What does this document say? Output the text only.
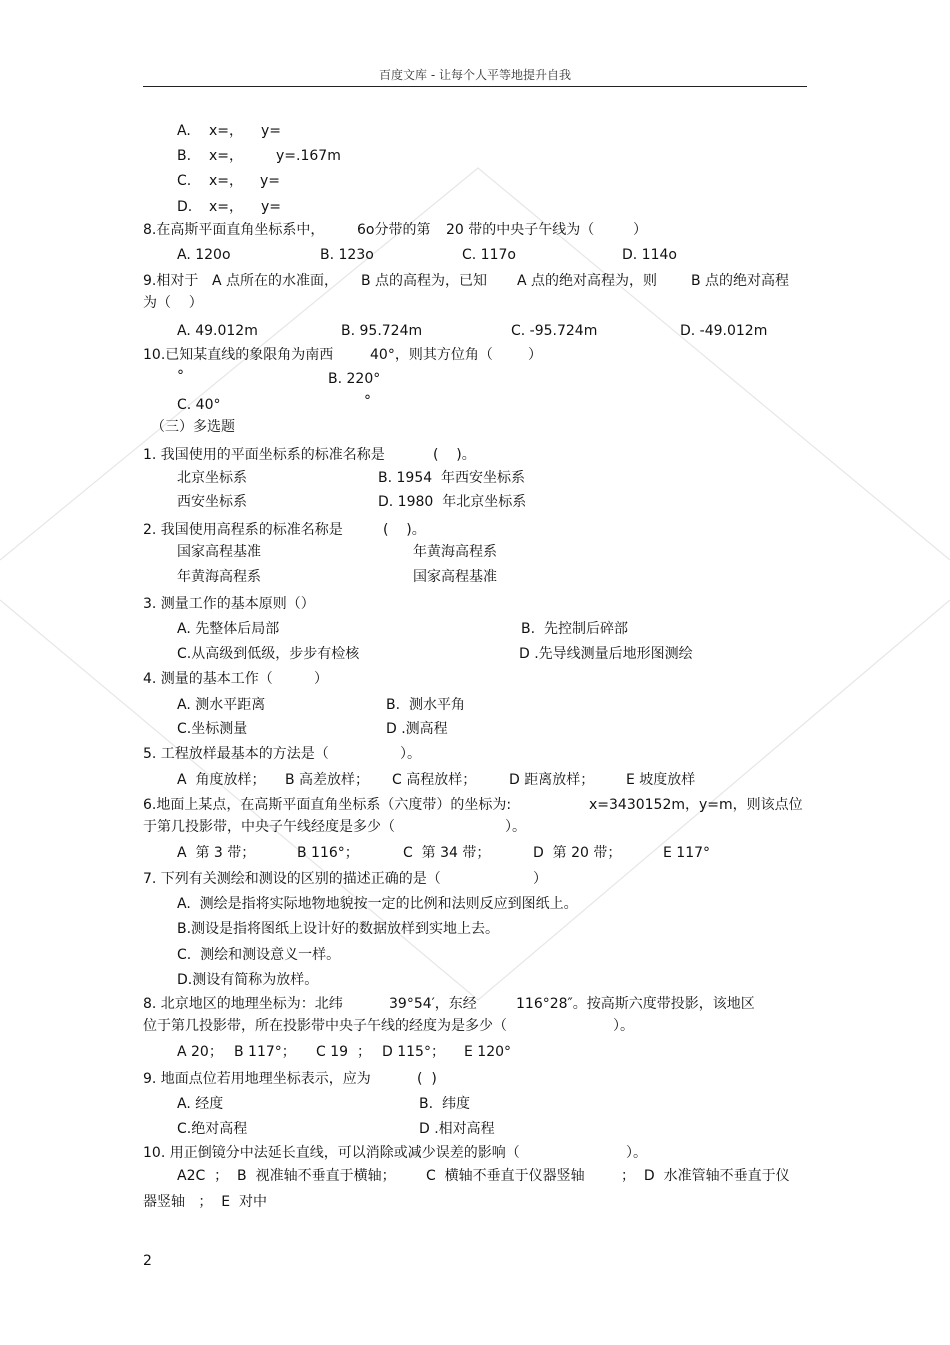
百度文库 - 让每个人平等地提升自我
A. x=， y=
B. x=， y=.167m
C. x=， y=
D. x=， y=
8.在高斯平面直角坐标系中， 6o分带的第 20 带的中央子午线为（	）
A. 120o	B. 123o	C. 117o	D. 114o
9.相对于 A 点所在的水准面， B 点的高程为，已知 A 点的绝对高程为，则 B 点的绝对高程
为（    ）
A. 49.012m	B. 95.724m	C. -95.724m	D. -49.012m
10.已知某直线的象限角为南西	40°，则其方位角（	）
°	B. 220°
C. 40°	°
（三）多选题
1. 我国使用的平面坐标系的标准名称是	(    )。
北京坐标系	B. 1954  年西安坐标系
西安坐标系	D. 1980  年北京坐标系
2. 我国使用高程系的标准名称是	(    )。
国家高程基准	年黄海高程系
年黄海高程系	国家高程基准
3. 测量工作的基本原则（）
A. 先整体后局部	B.  先控制后碎部
C.从高级到低级，步步有检核	D .先导线测量后地形图测绘
4. 测量的基本工作（	）
A. 测水平距离	B.  测水平角
C.坐标测量	D .测高程
5. 工程放样最基本的方法是（	）。
A  角度放样； B 高差放样； C 高程放样； D 距离放样； E 坡度放样
6.地面上某点，在高斯平面直角坐标系（六度带）的坐标为:	x=3430152m，y=m，则该点位
于第几投影带，中央子午线经度是多少（	）。
A  第 3 带；	B 116°；	C  第 34 带；	D  第 20 带；	E 117°
7. 下列有关测绘和测设的区别的描述正确的是（	）
A.  测绘是指将实际地物地貌按一定的比例和法则反应到图纸上。
B.测设是指将图纸上设计好的数据放样到实地上去。
C.  测绘和测设意义一样。
D.测设有简称为放样。
8. 北京地区的地理坐标为：北纬	39°54′，东经	116°28″。按高斯六度带投影，该地区
位于第几投影带，所在投影带中央子午线的经度为是多少（	）。
A 20； B 117°； C 19  ； D 115°； E 120°
9. 地面点位若用地理坐标表示，应为	(  )
A. 经度	B.  纬度
C.绝对高程	D .相对高程
10. 用正倒镜分中法延长直线，可以消除或减少误差的影响（	）。
A2C  ；  B  视准轴不垂直于横轴； C  横轴不垂直于仪器竖轴	；  D  水准管轴不垂直于仪
器竖轴   ；  E  对中
2
